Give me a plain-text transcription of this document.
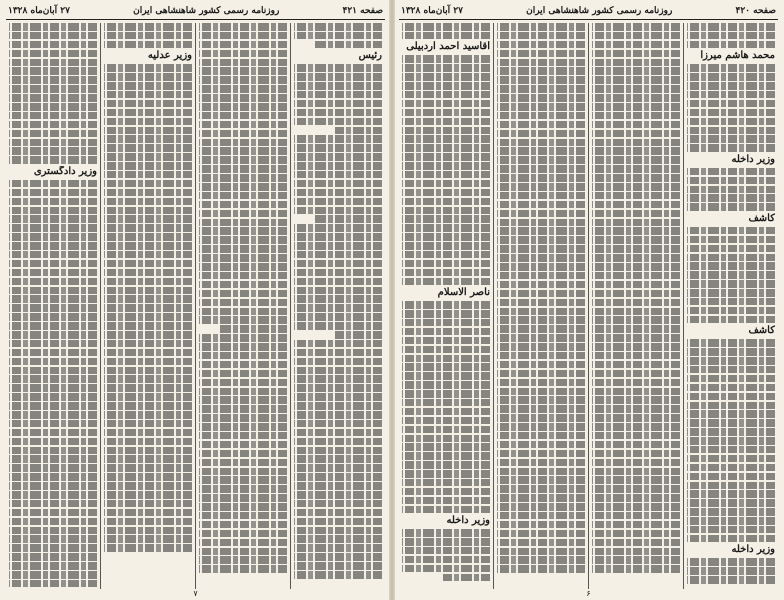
صفحه ۴۲۱
روزنامه رسمی کشور شاهنشاهی ایران
۲۷ آبان‌ماه ۱۳۲۸
رئیس
وزیر عدلیه
وزیر دادگستری
۷
صفحه ۴۲۰
روزنامه رسمی کشور شاهنشاهی ایران
۲۷ آبان‌ماه ۱۳۲۸
محمد هاشم میرزا
وزیر داخله
کاشف
کاشف
وزیر داخله
آقاسید احمد اردبیلی
ناصر الاسلام
وزیر داخله
۶
